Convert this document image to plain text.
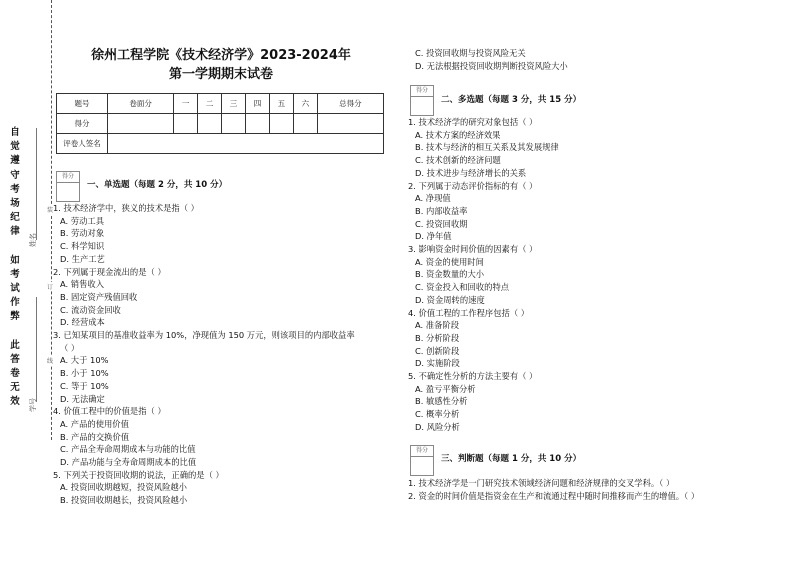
自
觉
遵
守
考
场
纪
律

如
考
试
作
弊

此
答
卷
无
效

姓名
学号
装
订
线
徐州工程学院《技术经济学》2023-2024年
第一学期期末试卷
题号	卷面分	一	二	三	四	五	六	总得分
得分								
评卷人签名								
得分
一、单选题（每题 2 分，共 10 分）
1. 技术经济学中，狭义的技术是指（ ）
A. 劳动工具
B. 劳动对象
C. 科学知识
D. 生产工艺
2. 下列属于现金流出的是（ ）
A. 销售收入
B. 固定资产残值回收
C. 流动资金回收
D. 经营成本
3. 已知某项目的基准收益率为 10%，净现值为 150 万元，则该项目的内部收益率
（ ）
A. 大于 10%
B. 小于 10%
C. 等于 10%
D. 无法确定
4. 价值工程中的价值是指（ ）
A. 产品的使用价值
B. 产品的交换价值
C. 产品全寿命周期成本与功能的比值
D. 产品功能与全寿命周期成本的比值
5. 下列关于投资回收期的说法，正确的是（ ）
A. 投资回收期越短，投资风险越小
B. 投资回收期越长，投资风险越小
C. 投资回收期与投资风险无关
D. 无法根据投资回收期判断投资风险大小
得分
二、多选题（每题 3 分，共 15 分）
1. 技术经济学的研究对象包括（ ）
A. 技术方案的经济效果
B. 技术与经济的相互关系及其发展规律
C. 技术创新的经济问题
D. 技术进步与经济增长的关系
2. 下列属于动态评价指标的有（ ）
A. 净现值
B. 内部收益率
C. 投资回收期
D. 净年值
3. 影响资金时间价值的因素有（ ）
A. 资金的使用时间
B. 资金数量的大小
C. 资金投入和回收的特点
D. 资金周转的速度
4. 价值工程的工作程序包括（ ）
A. 准备阶段
B. 分析阶段
C. 创新阶段
D. 实施阶段
5. 不确定性分析的方法主要有（ ）
A. 盈亏平衡分析
B. 敏感性分析
C. 概率分析
D. 风险分析
得分
三、判断题（每题 1 分，共 10 分）
1. 技术经济学是一门研究技术领域经济问题和经济规律的交叉学科。（ ）
2. 资金的时间价值是指资金在生产和流通过程中随时间推移而产生的增值。（ ）
